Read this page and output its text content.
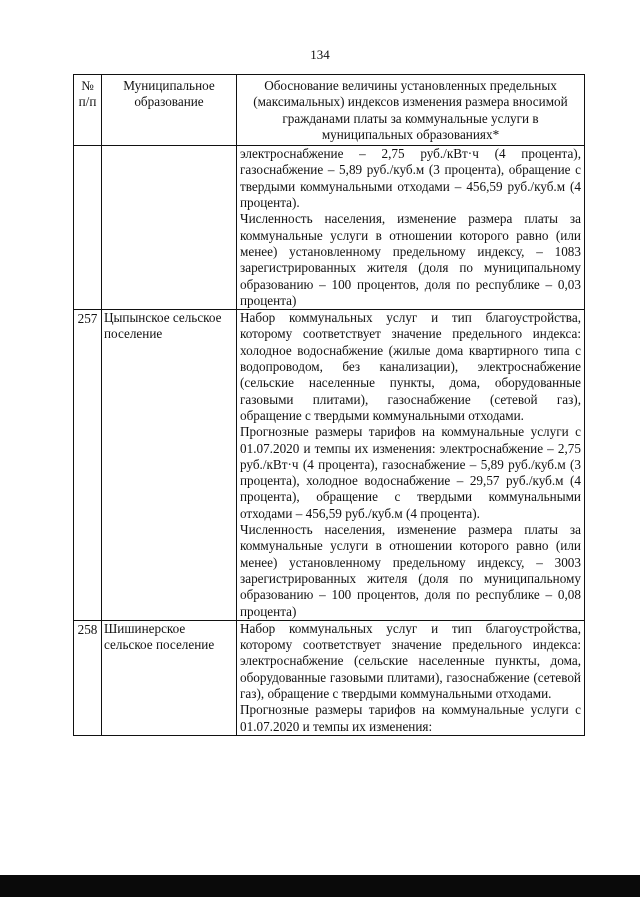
134
№ п/п	Муниципальное образование	Обоснование величины установленных предельных (максимальных) индексов изменения размера вносимой гражданами платы за коммунальные услуги в муниципальных образованиях*

		электроснабжение – 2,75 руб./кВт·ч (4 процента), газоснабжение – 5,89 руб./куб.м (3 процента), обращение с твердыми коммунальными отходами – 456,59 руб./куб.м (4 процента).

Численность населения, изменение размера платы за коммунальные услуги в отношении которого равно (или менее) установленному предельному индексу, – 1083 зарегистрированных жителя (доля по муниципальному образованию – 100 процентов, доля по республике – 0,03 процента)

257	Цыпынское сельское поселение	Набор коммунальных услуг и тип благоустройства, которому соответствует значение предельного индекса: холодное водоснабжение (жилые дома квартирного типа с водопроводом, без канализации), электроснабжение (сельские населенные пункты, дома, оборудованные газовыми плитами), газоснабжение (сетевой газ), обращение с твердыми коммунальными отходами.

Прогнозные размеры тарифов на коммунальные услуги с 01.07.2020 и темпы их изменения: электроснабжение – 2,75 руб./кВт·ч (4 процента), газоснабжение – 5,89 руб./куб.м (3 процента), холодное водоснабжение – 29,57 руб./куб.м (4 процента), обращение с твердыми коммунальными отходами – 456,59 руб./куб.м (4 процента).

Численность населения, изменение размера платы за коммунальные услуги в отношении которого равно (или менее) установленному предельному индексу, – 3003 зарегистрированных жителя (доля по муниципальному образованию – 100 процентов, доля по республике – 0,08 процента)

258	Шишинерское сельское поселение	Набор коммунальных услуг и тип благоустройства, которому соответствует значение предельного индекса: электроснабжение (сельские населенные пункты, дома, оборудованные газовыми плитами), газоснабжение (сетевой газ), обращение с твердыми коммунальными отходами.

Прогнозные размеры тарифов на коммунальные услуги с 01.07.2020 и темпы их изменения:
